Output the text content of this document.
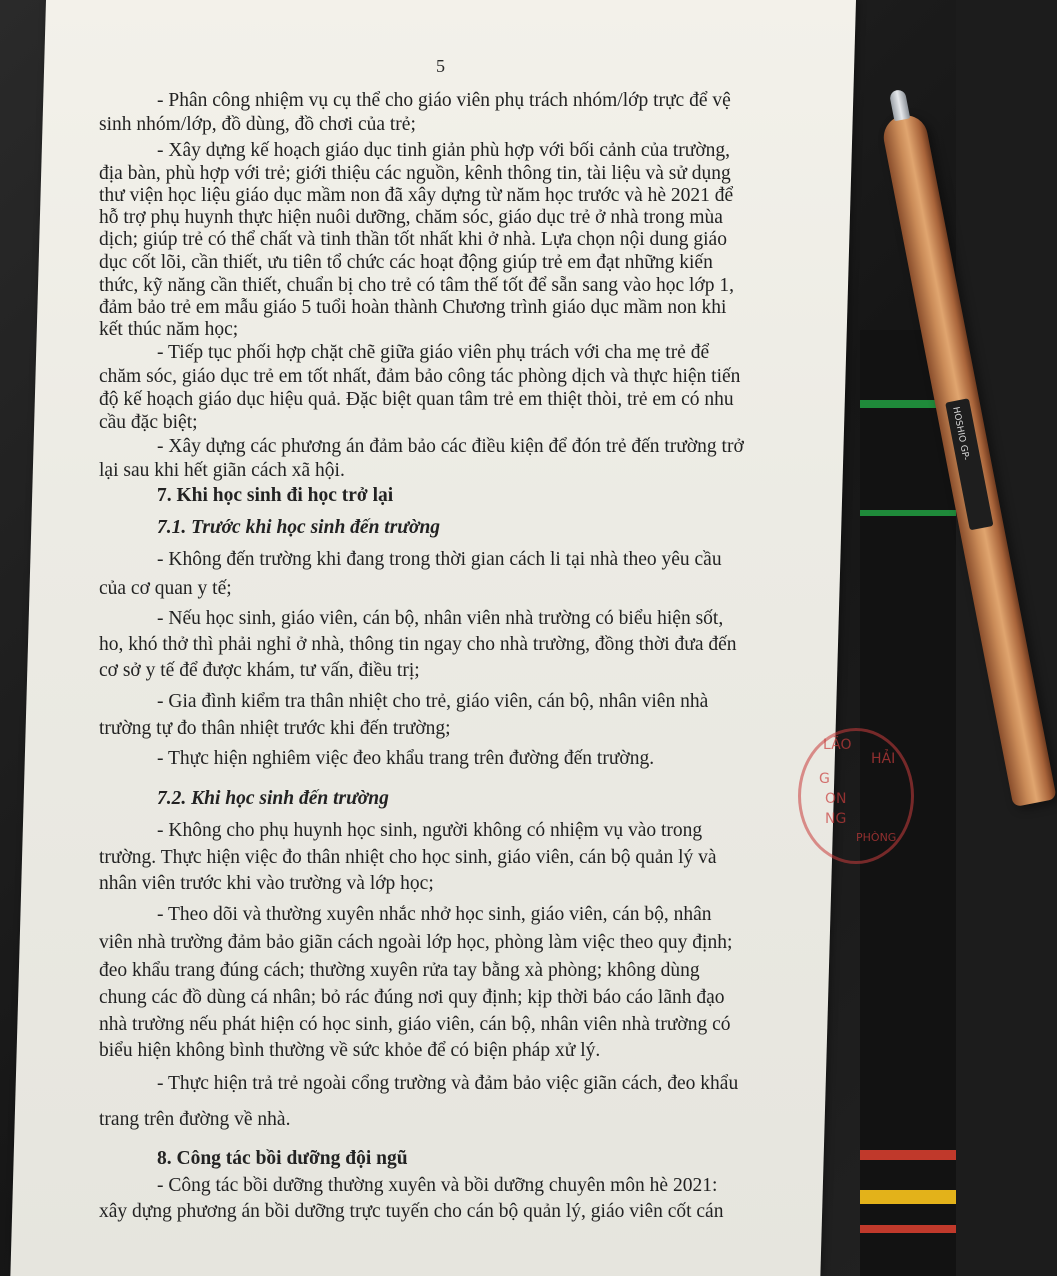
5
- Phân công nhiệm vụ cụ thể cho giáo viên phụ trách nhóm/lớp trực để vệ
sinh nhóm/lớp, đồ dùng, đồ chơi của trẻ;
- Xây dựng kế hoạch giáo dục tinh giản phù hợp với bối cảnh của trường,
địa bàn, phù hợp với trẻ; giới thiệu các nguồn, kênh thông tin, tài liệu và sử dụng
thư viện học liệu giáo dục mầm non đã xây dựng từ năm học trước và hè 2021 để
hỗ trợ phụ huynh thực hiện nuôi dưỡng, chăm sóc, giáo dục trẻ ở nhà trong mùa
dịch; giúp trẻ có thể chất và tinh thần tốt nhất khi ở nhà. Lựa chọn nội dung giáo
dục cốt lõi, cần thiết, ưu tiên tổ chức các hoạt động giúp trẻ em đạt những kiến
thức, kỹ năng cần thiết, chuẩn bị cho trẻ có tâm thế tốt để sẵn sang vào học lớp 1,
đảm bảo trẻ em mẫu giáo 5 tuổi hoàn thành Chương trình giáo dục mầm non khi
kết thúc năm học;
- Tiếp tục phối hợp chặt chẽ giữa giáo viên phụ trách với cha mẹ trẻ để
chăm sóc, giáo dục trẻ em tốt nhất, đảm bảo công tác phòng dịch và thực hiện tiến
độ kế hoạch giáo dục hiệu quả. Đặc biệt quan tâm trẻ em thiệt thòi, trẻ em có nhu
cầu đặc biệt;
- Xây dựng các phương án đảm bảo các điều kiện để đón trẻ đến trường trở
lại sau khi hết giãn cách xã hội.
7. Khi học sinh đi học trở lại
7.1. Trước khi học sinh đến trường
- Không đến trường khi đang trong thời gian cách li tại nhà theo yêu cầu
của cơ quan y tế;
- Nếu học sinh, giáo viên, cán bộ, nhân viên nhà trường có biểu hiện sốt,
ho, khó thở thì phải nghỉ ở nhà, thông tin ngay cho nhà trường, đồng thời đưa đến
cơ sở y tế để được khám, tư vấn, điều trị;
- Gia đình kiểm tra thân nhiệt cho trẻ, giáo viên, cán bộ, nhân viên nhà
trường tự đo thân nhiệt trước khi đến trường;
- Thực hiện nghiêm việc đeo khẩu trang trên đường đến trường.
7.2. Khi học sinh đến trường
- Không cho phụ huynh học sinh, người không có nhiệm vụ vào trong
trường. Thực hiện việc đo thân nhiệt cho học sinh, giáo viên, cán bộ quản lý và
nhân viên trước khi vào trường và lớp học;
- Theo dõi và thường xuyên nhắc nhở học sinh, giáo viên, cán bộ, nhân
viên nhà trường đảm bảo giãn cách ngoài lớp học, phòng làm việc theo quy định;
đeo khẩu trang đúng cách; thường xuyên rửa tay bằng xà phòng; không dùng
chung các đồ dùng cá nhân; bỏ rác đúng nơi quy định; kịp thời báo cáo lãnh đạo
nhà trường nếu phát hiện có học sinh, giáo viên, cán bộ, nhân viên nhà trường có
biểu hiện không bình thường về sức khỏe để có biện pháp xử lý.
- Thực hiện trả trẻ ngoài cổng trường và đảm bảo việc giãn cách, đeo khẩu
trang trên đường về nhà.
8. Công tác bồi dưỡng đội ngũ
- Công tác bồi dưỡng thường xuyên và bồi dưỡng chuyên môn hè 2021:
xây dựng phương án bồi dưỡng trực tuyến cho cán bộ quản lý, giáo viên cốt cán
LÃO
G
ON
NG
HẢI
PHÒNG
HOSHIO GP-
